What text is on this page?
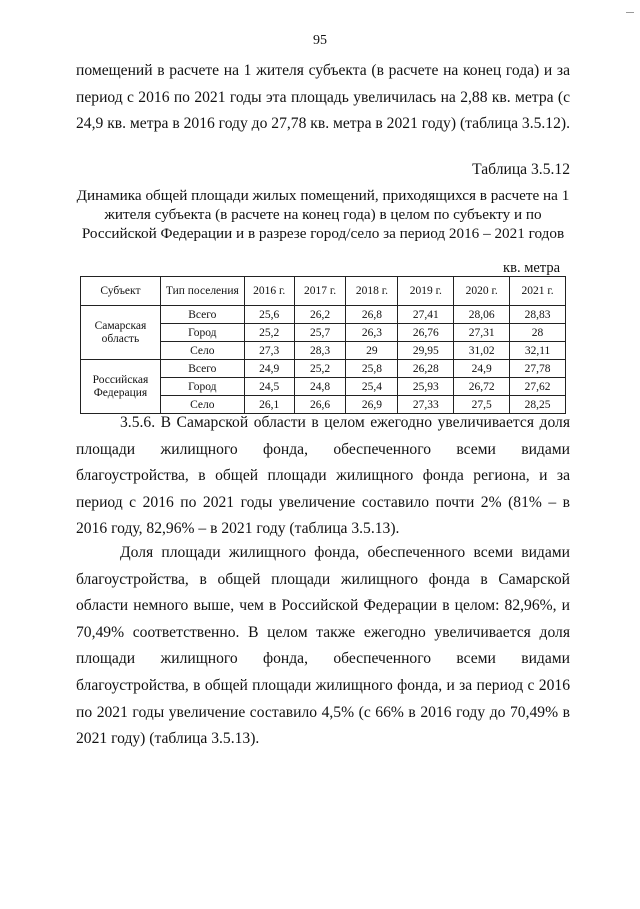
95

помещений в расчете на 1 жителя субъекта (в расчете на конец года) и за период с 2016 по 2021 годы эта площадь увеличилась на 2,88 кв. метра (с 24,9 кв. метра в 2016 году до 27,78 кв. метра в 2021 году) (таблица 3.5.12).

Таблица 3.5.12
Динамика общей площади жилых помещений, приходящихся в расчете на 1 жителя субъекта (в расчете на конец года) в целом по субъекту и по Российской Федерации и в разрезе город/село за период 2016 – 2021 годов
кв. метра
Субъект	Тип поселения	2016 г.	2017 г.	2018 г.	2019 г.	2020 г.	2021 г.
Самарская область	Всего	25,6	26,2	26,8	27,41	28,06	28,83
	Город	25,2	25,7	26,3	26,76	27,31	28
	Село	27,3	28,3	29	29,95	31,02	32,11
Российская Федерация	Всего	24,9	25,2	25,8	26,28	24,9	27,78
	Город	24,5	24,8	25,4	25,93	26,72	27,62
	Село	26,1	26,6	26,9	27,33	27,5	28,25

3.5.6. В Самарской области в целом ежегодно увеличивается доля площади жилищного фонда, обеспеченного всеми видами благоустройства, в общей площади жилищного фонда региона, и за период с 2016 по 2021 годы увеличение составило почти 2% (81% – в 2016 году, 82,96% – в 2021 году (таблица 3.5.13).

Доля площади жилищного фонда, обеспеченного всеми видами благоустройства, в общей площади жилищного фонда в Самарской области немного выше, чем в Российской Федерации в целом: 82,96%, и 70,49% соответственно. В целом также ежегодно увеличивается доля площади жилищного фонда, обеспеченного всеми видами благоустройства, в общей площади жилищного фонда, и за период с 2016 по 2021 годы увеличение составило 4,5% (с 66% в 2016 году до 70,49% в 2021 году) (таблица 3.5.13).
